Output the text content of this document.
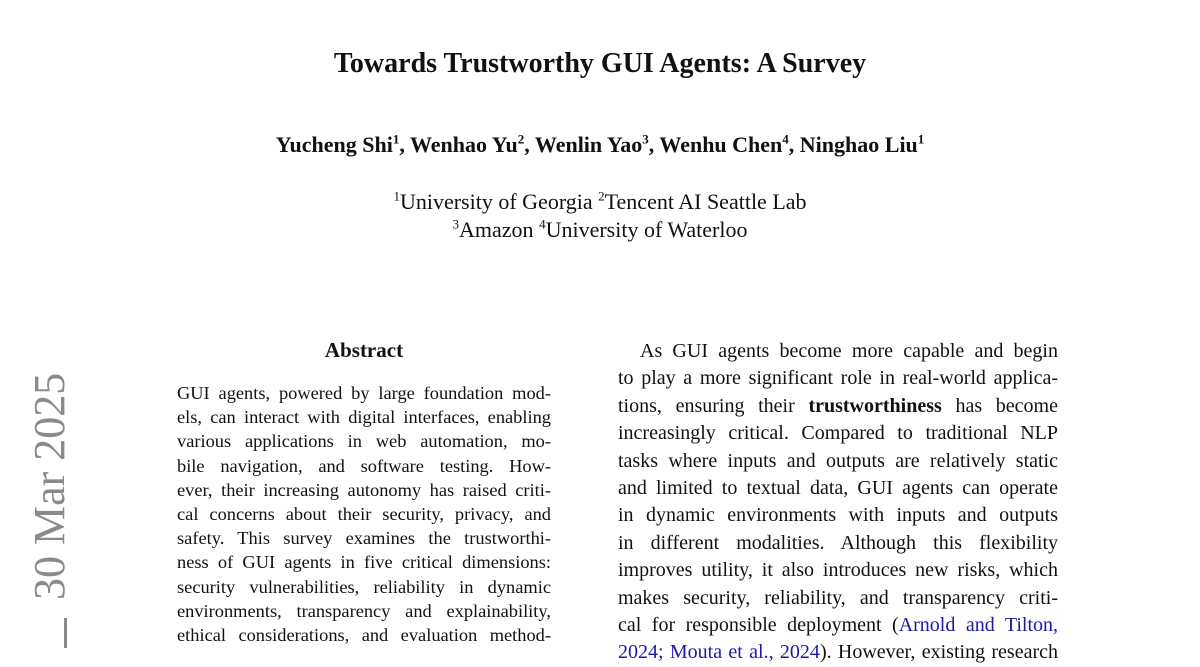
Towards Trustworthy GUI Agents: A Survey
Yucheng Shi$^1$, Wenhao Yu$^2$, Wenlin Yao$^3$, Wenhu Chen$^4$, Ninghao Liu$^1$
$^1$University of Georgia $^2$Tencent AI Seattle Lab
$^3$Amazon $^4$University of Waterloo
30 Mar 2025
Abstract
GUI agents, powered by large foundation mod-
els, can interact with digital interfaces, enabling
various applications in web automation, mo-
bile navigation, and software testing. How-
ever, their increasing autonomy has raised criti-
cal concerns about their security, privacy, and
safety. This survey examines the trustworthi-
ness of GUI agents in five critical dimensions:
security vulnerabilities, reliability in dynamic
environments, transparency and explainability,
ethical considerations, and evaluation method-
As GUI agents become more capable and begin
to play a more significant role in real-world applica-
tions, ensuring their trustworthiness has become
increasingly critical. Compared to traditional NLP
tasks where inputs and outputs are relatively static
and limited to textual data, GUI agents can operate
in dynamic environments with inputs and outputs
in different modalities. Although this flexibility
improves utility, it also introduces new risks, which
makes security, reliability, and transparency criti-
cal for responsible deployment (Arnold and Tilton,
2024; Mouta et al., 2024). However, existing research
